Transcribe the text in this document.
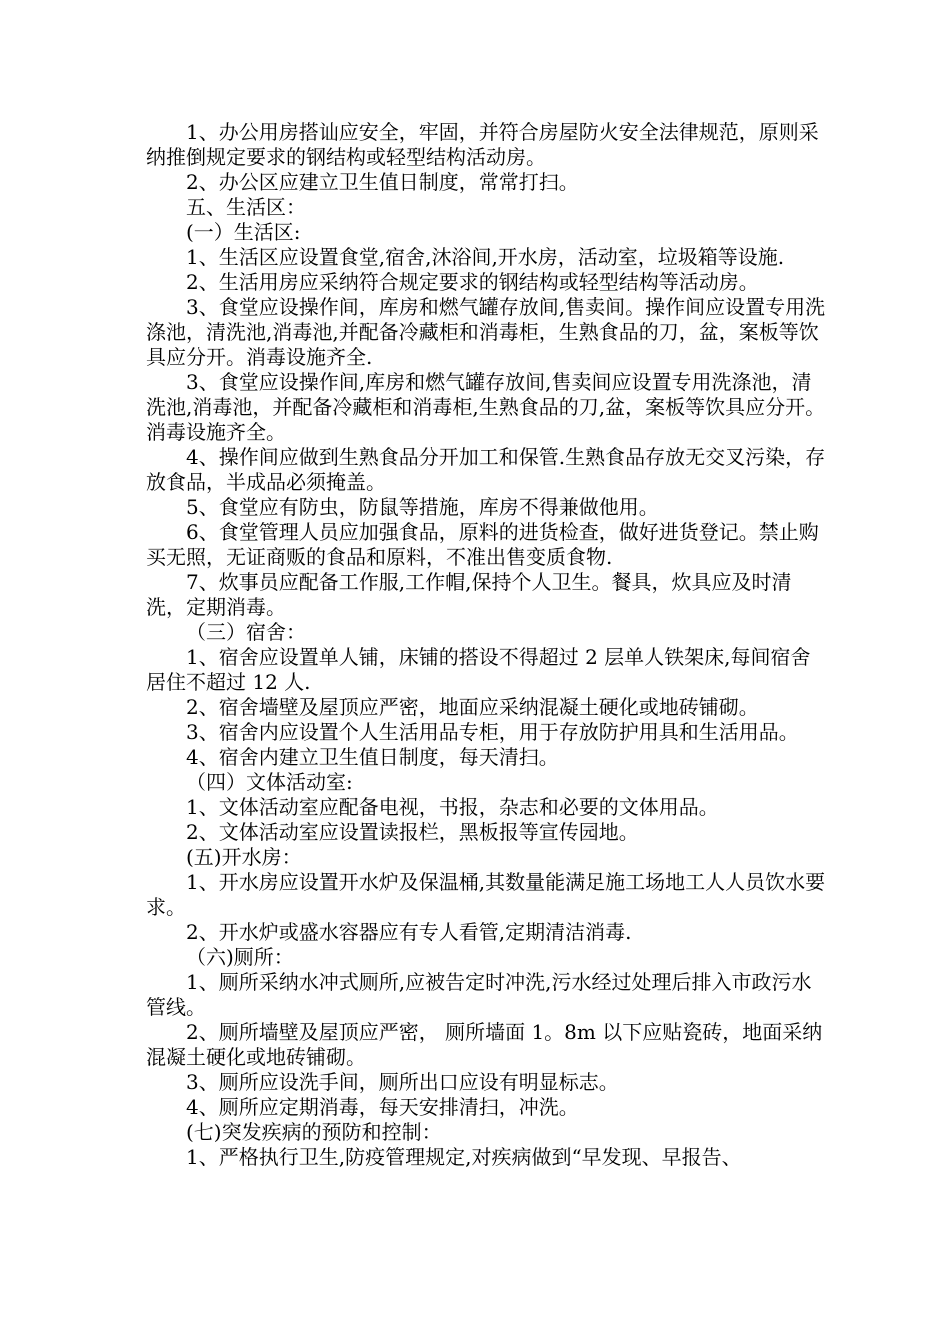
1、办公用房搭讪应安全，牢固，并符合房屋防火安全法律规范，原则采纳推倒规定要求的钢结构或轻型结构活动房。

2、办公区应建立卫生值日制度，常常打扫。

五、生活区：

(一）生活区:

1、生活区应设置食堂,宿舍,沐浴间,开水房，活动室，垃圾箱等设施.

2、生活用房应采纳符合规定要求的钢结构或轻型结构等活动房。

3、食堂应设操作间，库房和燃气罐存放间,售卖间。操作间应设置专用洗涤池，清洗池,消毒池,并配备冷藏柜和消毒柜，生熟食品的刀，盆，案板等饮具应分开。消毒设施齐全.

3、食堂应设操作间,库房和燃气罐存放间,售卖间应设置专用洗涤池，清洗池,消毒池，并配备冷藏柜和消毒柜,生熟食品的刀,盆，案板等饮具应分开。消毒设施齐全。

4、操作间应做到生熟食品分开加工和保管.生熟食品存放无交叉污染，存放食品，半成品必须掩盖。

5、食堂应有防虫，防鼠等措施，库房不得兼做他用。

6、食堂管理人员应加强食品，原料的进货检查，做好进货登记。禁止购买无照，无证商贩的食品和原料，不准出售变质食物.

7、炊事员应配备工作服,工作帽,保持个人卫生。餐具，炊具应及时清洗，定期消毒。

（三）宿舍：

1、宿舍应设置单人铺，床铺的搭设不得超过 2 层单人铁架床,每间宿舍居住不超过 12 人.

2、宿舍墙壁及屋顶应严密，地面应采纳混凝土硬化或地砖铺砌。

3、宿舍内应设置个人生活用品专柜，用于存放防护用具和生活用品。

4、宿舍内建立卫生值日制度，每天清扫。

（四）文体活动室:

1、文体活动室应配备电视，书报，杂志和必要的文体用品。

2、文体活动室应设置读报栏，黑板报等宣传园地。

(五)开水房：

1、开水房应设置开水炉及保温桶,其数量能满足施工场地工人人员饮水要求。

2、开水炉或盛水容器应有专人看管,定期清洁消毒.

（六)厕所：

1、厕所采纳水冲式厕所,应被告定时冲洗,污水经过处理后排入市政污水管线。

2、厕所墙壁及屋顶应严密， 厕所墙面 1。8m 以下应贴瓷砖，地面采纳混凝土硬化或地砖铺砌。

3、厕所应设洗手间，厕所出口应设有明显标志。

4、厕所应定期消毒，每天安排清扫，冲洗。

(七)突发疾病的预防和控制：

1、严格执行卫生,防疫管理规定,对疾病做到“早发现、早报告、
